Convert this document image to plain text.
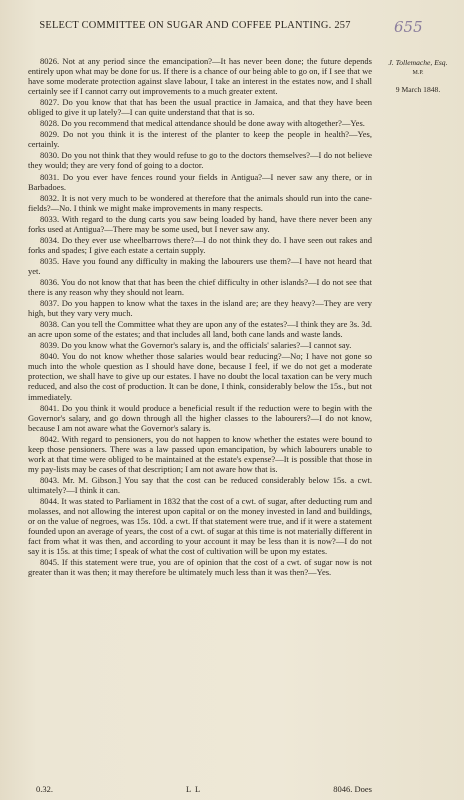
SELECT COMMITTEE ON SUGAR AND COFFEE PLANTING. 257	655
J. Tollemache, Esq.
M.P.
9 March 1848.

8026. Not at any period since the emancipation?—It has never been done; the future depends entirely upon what may be done for us. If there is a chance of our being able to go on, if I see that we have some moderate protection against slave labour, I take an interest in the estates now, and I shall certainly see if I cannot carry out improvements to a much greater extent.

8027. Do you know that that has been the usual practice in Jamaica, and that they have been obliged to give it up lately?—I can quite understand that that is so.

8028. Do you recommend that medical attendance should be done away with altogether?—Yes.

8029. Do not you think it is the interest of the planter to keep the people in health?—Yes, certainly.

8030. Do you not think that they would refuse to go to the doctors themselves?—I do not believe they would; they are very fond of going to a doctor.

8031. Do you ever have fences round your fields in Antigua?—I never saw any there, or in Barbadoes.

8032. It is not very much to be wondered at therefore that the animals should run into the cane-fields?—No. I think we might make improvements in many respects.

8033. With regard to the dung carts you saw being loaded by hand, have there never been any forks used at Antigua?—There may be some used, but I never saw any.

8034. Do they ever use wheelbarrows there?—I do not think they do. I have seen out rakes and forks and spades; I give each estate a certain supply.

8035. Have you found any difficulty in making the labourers use them?—I have not heard that yet.

8036. You do not know that that has been the chief difficulty in other islands?—I do not see that there is any reason why they should not learn.

8037. Do you happen to know what the taxes in the island are; are they heavy?—They are very high, but they vary very much.

8038. Can you tell the Committee what they are upon any of the estates?—I think they are 3s. 3d. an acre upon some of the estates; and that includes all land, both cane lands and waste lands.

8039. Do you know what the Governor's salary is, and the officials' salaries?—I cannot say.

8040. You do not know whether those salaries would bear reducing?—No; I have not gone so much into the whole question as I should have done, because I feel, if we do not get a moderate protection, we shall have to give up our estates. I have no doubt the local taxation can be very much reduced, and also the cost of production. It can be done, I think, considerably below the 15s., but not immediately.

8041. Do you think it would produce a beneficial result if the reduction were to begin with the Governor's salary, and go down through all the higher classes to the labourers?—I do not know, because I am not aware what the Governor's salary is.

8042. With regard to pensioners, you do not happen to know whether the estates were bound to keep those pensioners. There was a law passed upon emancipation, by which labourers unable to work at that time were obliged to be maintained at the estate's expense?—It is possible that those in my pay-lists may be cases of that description; I am not aware how that is.

8043. Mr. M. Gibson.] You say that the cost can be reduced considerably below 15s. a cwt. ultimately?—I think it can.

8044. It was stated to Parliament in 1832 that the cost of a cwt. of sugar, after deducting rum and molasses, and not allowing the interest upon capital or on the money invested in land and buildings, or on the value of negroes, was 15s. 10d. a cwt. If that statement were true, and if it were a statement founded upon an average of years, the cost of a cwt. of sugar at this time is not materially different in fact from what it was then, and according to your account it may be less than it is now?—I do not say it is 15s. at this time; I speak of what the cost of cultivation will be upon my estates.

8045. If this statement were true, you are of opinion that the cost of a cwt. of sugar now is not greater than it was then; it may therefore be ultimately much less than it was then?—Yes.

0.32.	L L	8046. Does
